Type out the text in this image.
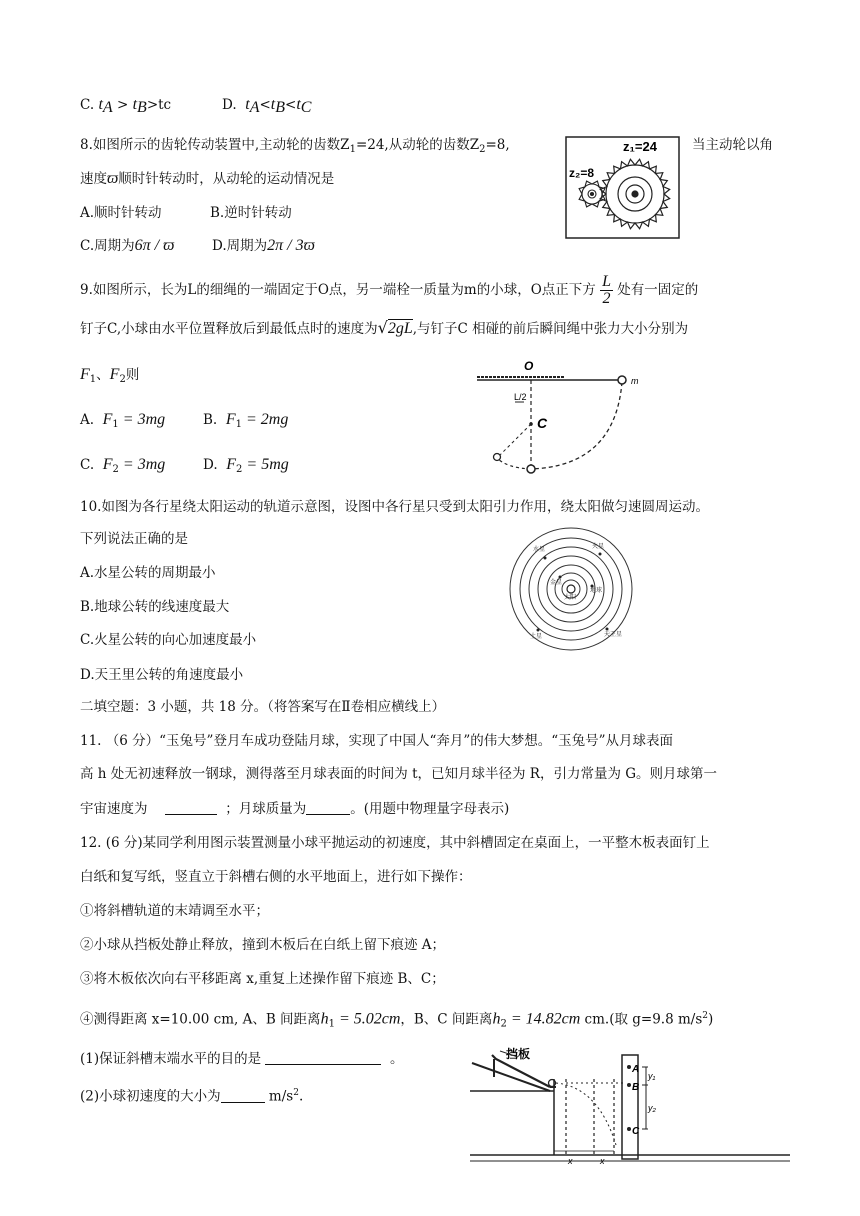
C. $t_A > t_B>tc$	D. $t_A<t_B<t_C$
8.如图所示的齿轮传动装置中,主动轮的齿数$Z_1=24$,从动轮的齿数$Z_2=8$,	当主动轮以角
速度ϖ顺时针转动时，从动轮的运动情况是
A.顺时针转动	B.逆时针转动
C.周期为6π / ϖ	D.周期为2π / 3ϖ
z₁=24
z₂=8
9.如图所示，长为L的细绳的一端固定于O点，另一端栓一质量为m的小球，O点正下方 $\frac{L}{2}$ 处有一固定的
钉子C,小球由水平位置释放后到最低点时的速度为√2gL,与钉子C 相碰的前后瞬间绳中张力大小分别为
$F_1$、$F_2$则
A. $F_1 = 3mg$	B. $F_1 = 2mg$
C. $F_2 = 3mg$	D. $F_2 = 5mg$
O
L/2
C
m
10.如图为各行星绕太阳运动的轨道示意图，设图中各行星只受到太阳引力作用，绕太阳做匀速圆周运动。
下列说法正确的是
A.水星公转的周期最小
B.地球公转的线速度最大
C.火星公转的向心加速度最小
D.天王里公转的角速度最小
水星	火星
金星
地球
太阳
土星	天王星
二填空题：3 小题，共 18 分。（将答案写在Ⅱ卷相应横线上）
11. （6 分）“玉兔号”登月车成功登陆月球，实现了中国人“奔月”的伟大梦想。“玉兔号”从月球表面
高 h 处无初速释放一钢球，测得落至月球表面的时间为 t，已知月球半径为 R，引力常量为 G。则月球第一
宇宙速度为	；月球质量为	。(用题中物理量字母表示)
12. (6 分)某同学利用图示装置测量小球平抛运动的初速度，其中斜槽固定在桌面上，一平整木板表面钉上
白纸和复写纸，竖直立于斜槽右侧的水平地面上，进行如下操作：
①将斜槽轨道的末靖调至水平；
②小球从挡板处静止释放，撞到木板后在白纸上留下痕迹 A；
③将木板依次向右平移距离 x,重复上述操作留下痕迹 B、C；
④测得距离 x=10.00 cm, A、B 间距离$h_1 = 5.02cm$，B、C 间距离$h_2 = 14.82cm$ cm.(取 g=9.8 $m/s^2$)
(1)保证斜槽末端水平的目的是	。
(2)小球初速度的大小为	$m/s^2$.
挡板
A
B
C
y₁
y₂
x	x
